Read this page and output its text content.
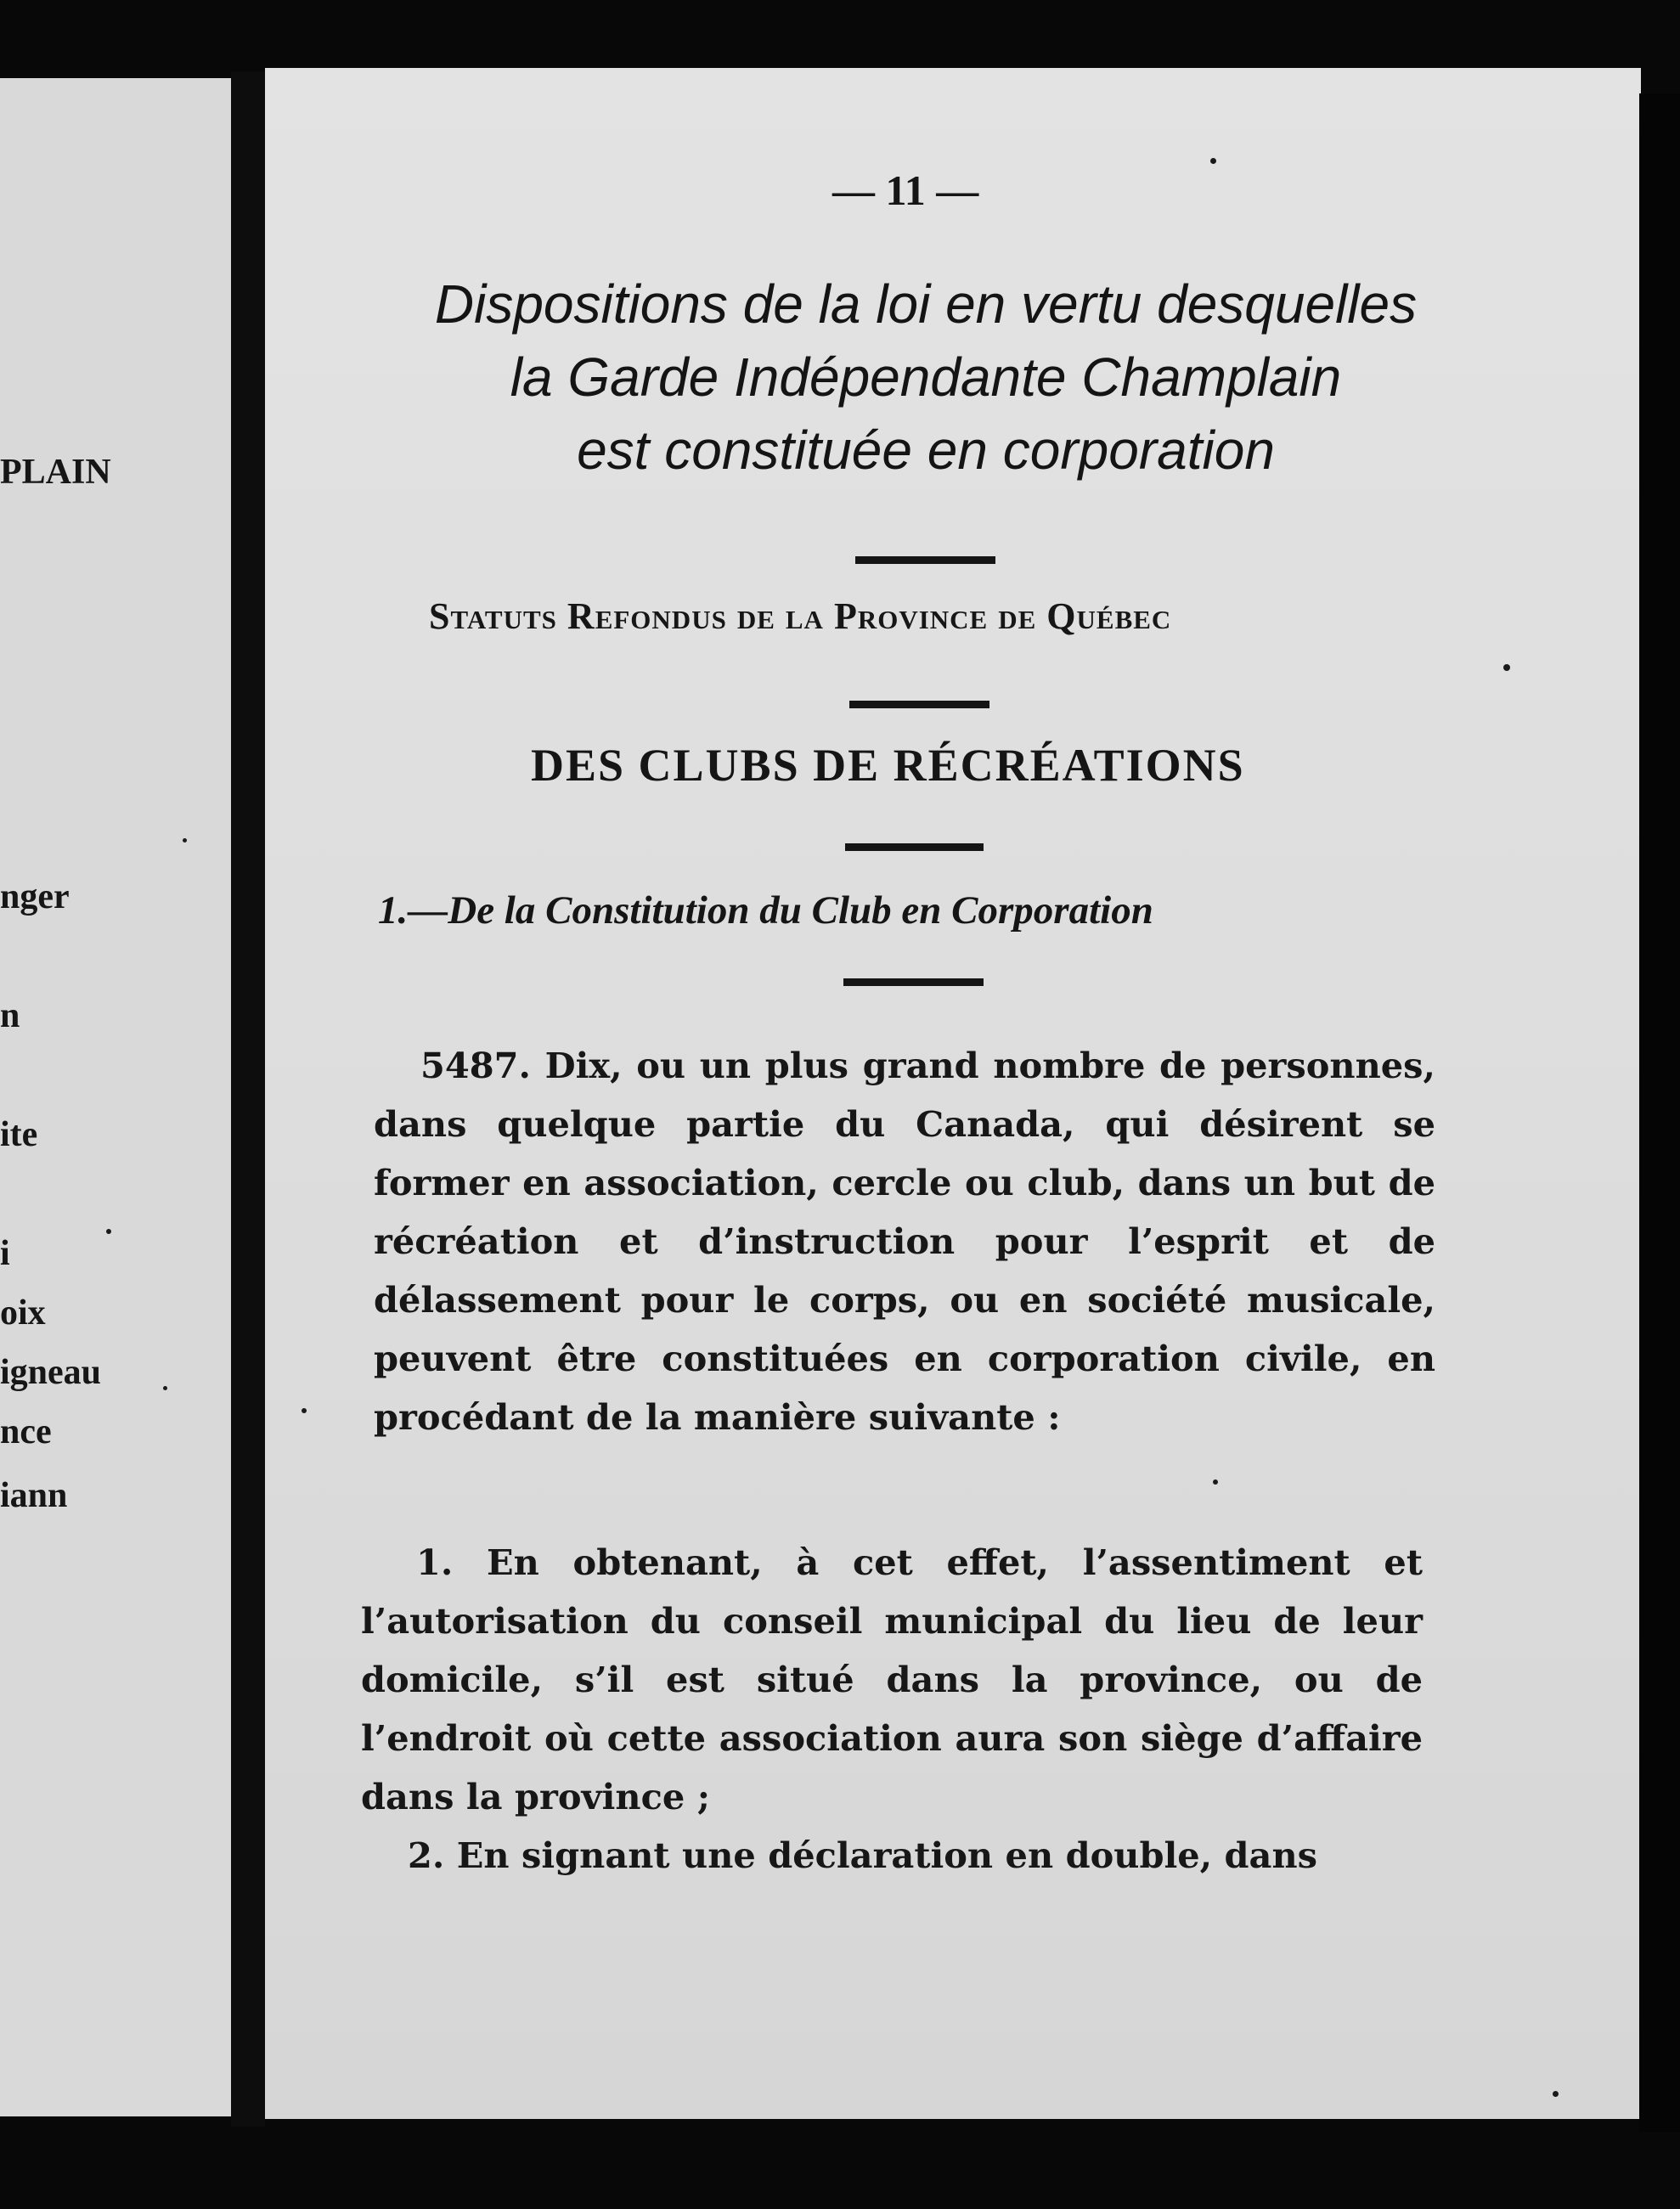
PLAIN

nger

n

ite

i

oix

igneau

nce

iann

— 11 —
Dispositions de la loi en vertu desquelles
la Garde Indépendante Champlain
est constituée en corporation

Statuts Refondus de la Province de Québec

DES CLUBS DE RÉCRÉATIONS
1.—De la Constitution du Club en Corporation

5487. Dix, ou un plus grand nombre de personnes, dans quelque partie du Canada, qui désirent se former en association, cercle ou club, dans un but de récréation et d’instruction pour l’esprit et de délassement pour le corps, ou en société musicale, peuvent être constituées en corporation civile, en procédant de la manière suivante :

1. En obtenant, à cet effet, l’assentiment et l’autorisation du conseil municipal du lieu de leur domicile, s’il est situé dans la province, ou de l’endroit où cette association aura son siège d’affaire dans la province ;

2. En signant une déclaration en double, dans
